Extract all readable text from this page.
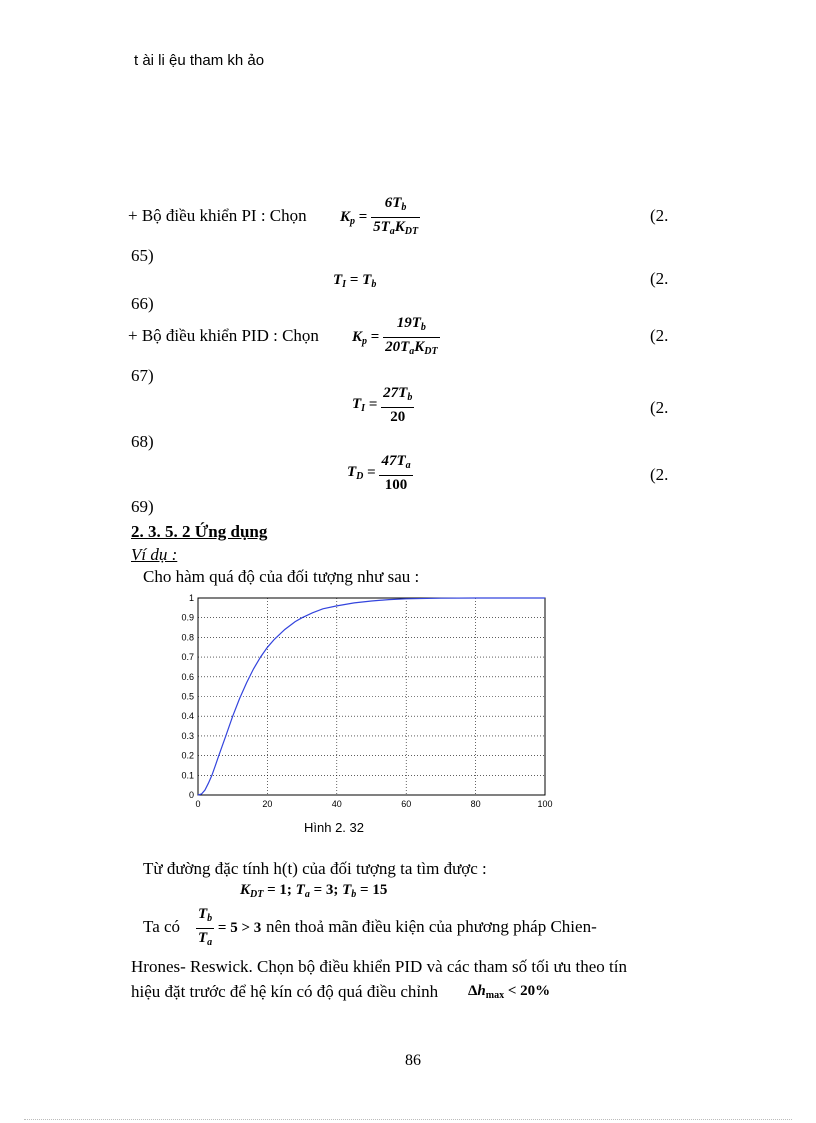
t ài li ệu tham kh ảo
+ Bộ điều khiển PI : Chọn $K_p = \frac{6T_b}{5T_aK_{DT}}$	(2.
65)
$T_I = T_b$	(2.
66)
+ Bộ điều khiển PID : Chọn $K_p = \frac{19T_b}{20T_aK_{DT}}$	(2.
67)
$T_I = \frac{27T_b}{20}$	(2.
68)
$T_D = \frac{47T_a}{100}$	(2.
69)
2. 3. 5. 2 Ứng dụng
Ví dụ :
Cho hàm quá độ của đối tượng như sau :
0
0.1
0.2
0.3
0.4
0.5
0.6
0.7
0.8
0.9
1
0	20	40	60	80	100
Hình 2. 32
Từ đường đặc tính h(t) của đối tượng ta tìm được :
$K_{DT} = 1$; $T_a = 3$; $T_b = 15$
Ta có $\frac{T_b}{T_a} = 5 > 3$ nên thoả mãn điều kiện của phương pháp Chien-
Hrones- Reswick. Chọn bộ điều khiển PID và các tham số tối ưu theo tín
hiệu đặt trước để hệ kín có độ quá điều chỉnh $\Delta h_{max} < 20\%$
86
